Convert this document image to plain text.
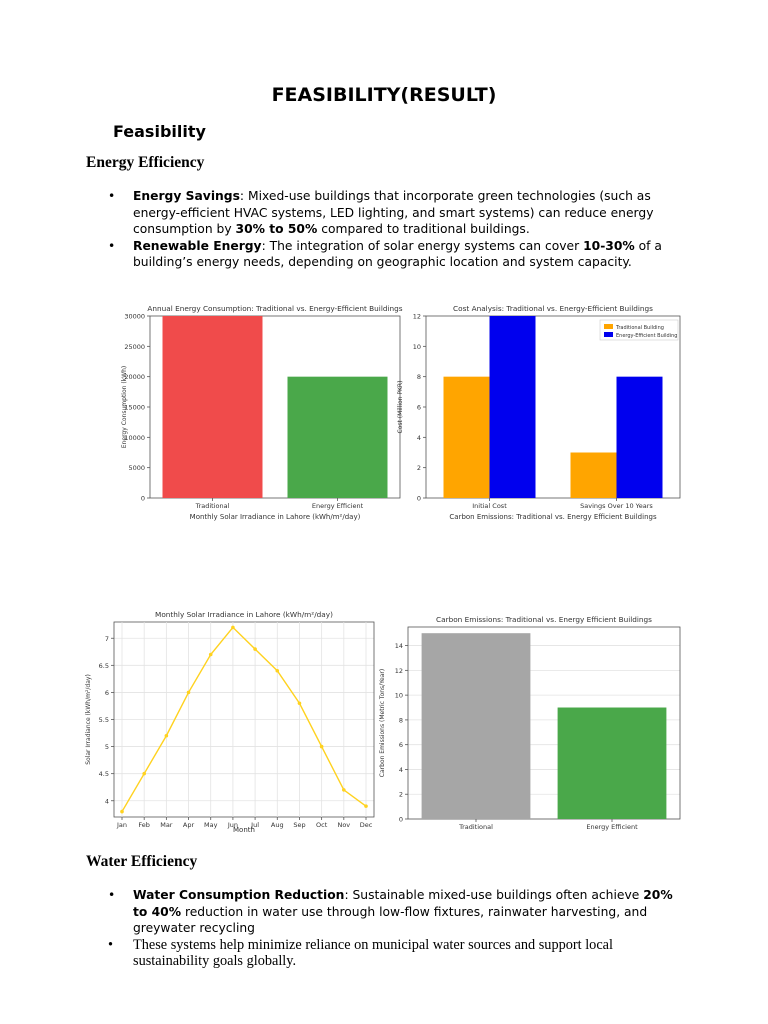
FEASIBILITY(RESULT)
Feasibility
Energy Efficiency
• Energy Savings: Mixed-use buildings that incorporate green technologies (such as energy-efficient HVAC systems, LED lighting, and smart systems) can reduce energy consumption by 30% to 50% compared to traditional buildings.
• Renewable Energy: The integration of solar energy systems can cover 10-30% of a building’s energy needs, depending on geographic location and system capacity.
0
5000
10000
15000
20000
25000
30000
Annual Energy Consumption: Traditional vs. Energy-Efficient Buildings
Energy Consumption (kWh)
Monthly Solar Irradiance in Lahore (kWh/m²/day)
Traditional	Energy Efficient
0
2
4
6
8
10
12
Cost Analysis: Traditional vs. Energy-Efficient Buildings
Cost (Million PKR)
Carbon Emissions: Traditional vs. Energy Efficient Buildings
Initial Cost	Savings Over 10 Years
Traditional Building
Energy-Efficient Building
4
4.5
5
5.5
6
6.5
7
Monthly Solar Irradiance in Lahore (kWh/m²/day)
Solar Irradiance (kWh/m²/day)
Month
Jan Feb Mar Apr May Jun Jul Aug Sep Oct Nov Dec
0
2
4
6
8
10
12
14
Carbon Emissions: Traditional vs. Energy Efficient Buildings
Carbon Emissions (Metric Tons/Year)
Traditional	Energy Efficient
Water Efficiency
• Water Consumption Reduction: Sustainable mixed-use buildings often achieve 20% to 40% reduction in water use through low-flow fixtures, rainwater harvesting, and greywater recycling
• These systems help minimize reliance on municipal water sources and support local sustainability goals globally.
